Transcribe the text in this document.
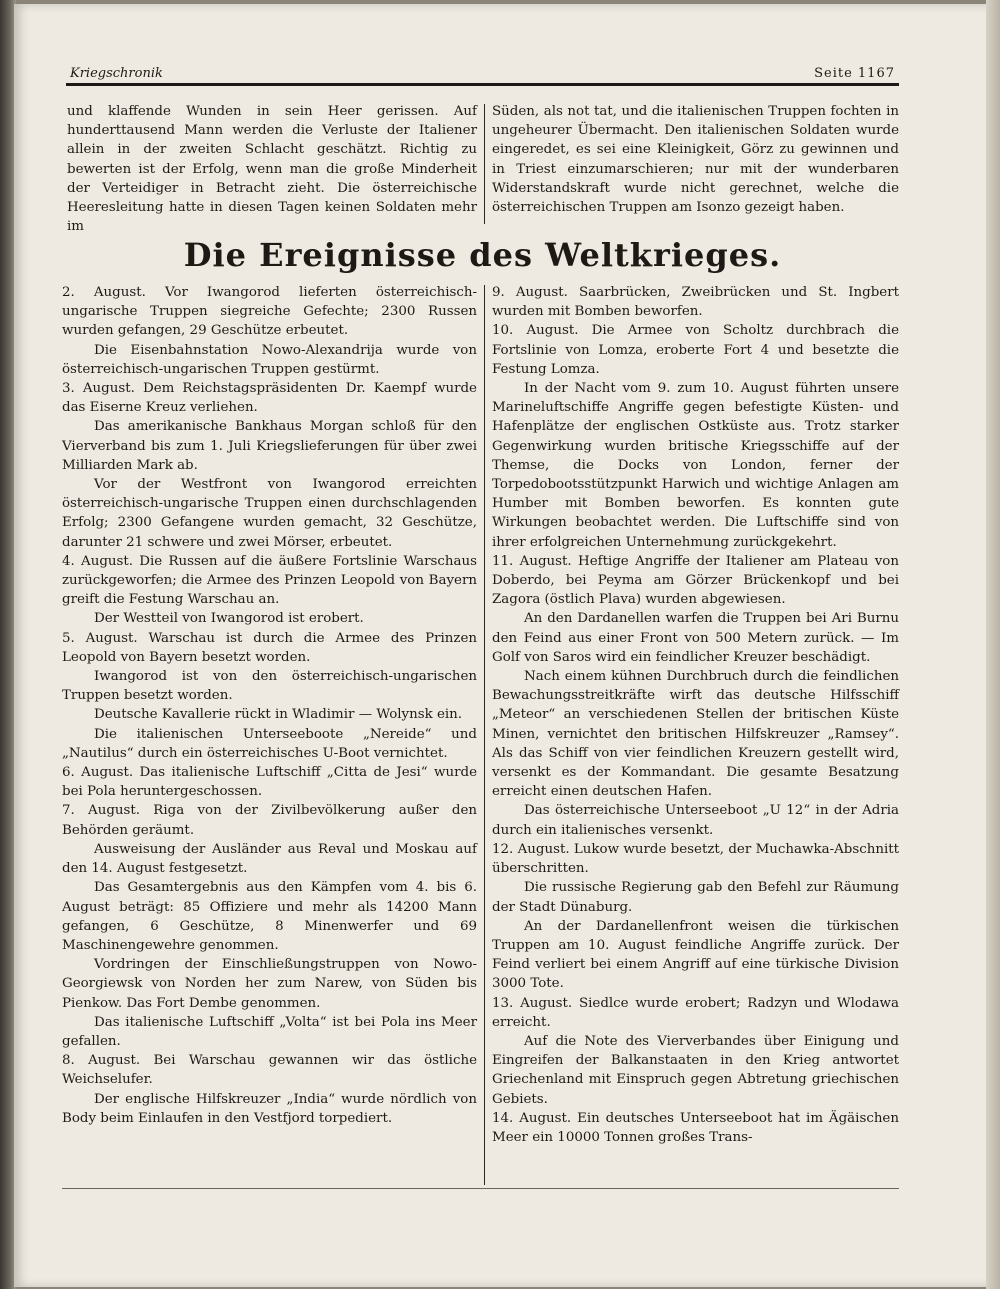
Kriegschronik	Seite 1167

und klaffende Wunden in sein Heer gerissen. Auf hunderttausend Mann werden die Verluste der Italiener allein in der zweiten Schlacht geschätzt. Richtig zu bewerten ist der Erfolg, wenn man die große Minderheit der Verteidiger in Betracht zieht. Die österreichische Heeresleitung hatte in diesen Tagen keinen Soldaten mehr im

Süden, als not tat, und die italienischen Truppen fochten in ungeheurer Übermacht. Den italienischen Soldaten wurde eingeredet, es sei eine Kleinigkeit, Görz zu gewinnen und in Triest einzumarschieren; nur mit der wunderbaren Widerstandskraft wurde nicht gerechnet, welche die österreichischen Truppen am Isonzo gezeigt haben.

Die Ereignisse des Weltkrieges.

2. August. Vor Iwangorod lieferten österreichisch-ungarische Truppen siegreiche Gefechte; 2300 Russen wurden gefangen, 29 Geschütze erbeutet.

Die Eisenbahnstation Nowo-Alexandrija wurde von österreichisch-ungarischen Truppen gestürmt.

3. August. Dem Reichstagspräsidenten Dr. Kaempf wurde das Eiserne Kreuz verliehen.

Das amerikanische Bankhaus Morgan schloß für den Vierverband bis zum 1. Juli Kriegslieferungen für über zwei Milliarden Mark ab.

Vor der Westfront von Iwangorod erreichten österreichisch-ungarische Truppen einen durchschlagenden Erfolg; 2300 Gefangene wurden gemacht, 32 Geschütze, darunter 21 schwere und zwei Mörser, erbeutet.

4. August. Die Russen auf die äußere Fortslinie Warschaus zurückgeworfen; die Armee des Prinzen Leopold von Bayern greift die Festung Warschau an.

Der Westteil von Iwangorod ist erobert.

5. August. Warschau ist durch die Armee des Prinzen Leopold von Bayern besetzt worden.

Iwangorod ist von den österreichisch-ungarischen Truppen besetzt worden.

Deutsche Kavallerie rückt in Wladimir — Wolynsk ein.

Die italienischen Unterseeboote „Nereide“ und „Nautilus“ durch ein österreichisches U-Boot vernichtet.

6. August. Das italienische Luftschiff „Citta de Jesi“ wurde bei Pola heruntergeschossen.

7. August. Riga von der Zivilbevölkerung außer den Behörden geräumt.

Ausweisung der Ausländer aus Reval und Moskau auf den 14. August festgesetzt.

Das Gesamtergebnis aus den Kämpfen vom 4. bis 6. August beträgt: 85 Offiziere und mehr als 14200 Mann gefangen, 6 Geschütze, 8 Minenwerfer und 69 Maschinengewehre genommen.

Vordringen der Einschließungstruppen von Nowo-Georgiewsk von Norden her zum Narew, von Süden bis Pienkow. Das Fort Dembe genommen.

Das italienische Luftschiff „Volta“ ist bei Pola ins Meer gefallen.

8. August. Bei Warschau gewannen wir das östliche Weichselufer.

Der englische Hilfskreuzer „India“ wurde nördlich von Body beim Einlaufen in den Vestfjord torpediert.

9. August. Saarbrücken, Zweibrücken und St. Ingbert wurden mit Bomben beworfen.

10. August. Die Armee von Scholtz durchbrach die Fortslinie von Lomza, eroberte Fort 4 und besetzte die Festung Lomza.

In der Nacht vom 9. zum 10. August führten unsere Marineluftschiffe Angriffe gegen befestigte Küsten- und Hafenplätze der englischen Ostküste aus. Trotz starker Gegenwirkung wurden britische Kriegsschiffe auf der Themse, die Docks von London, ferner der Torpedobootsstützpunkt Harwich und wichtige Anlagen am Humber mit Bomben beworfen. Es konnten gute Wirkungen beobachtet werden. Die Luftschiffe sind von ihrer erfolgreichen Unternehmung zurückgekehrt.

11. August. Heftige Angriffe der Italiener am Plateau von Doberdo, bei Peyma am Görzer Brückenkopf und bei Zagora (östlich Plava) wurden abgewiesen.

An den Dardanellen warfen die Truppen bei Ari Burnu den Feind aus einer Front von 500 Metern zurück. — Im Golf von Saros wird ein feindlicher Kreuzer beschädigt.

Nach einem kühnen Durchbruch durch die feindlichen Bewachungsstreitkräfte wirft das deutsche Hilfsschiff „Meteor“ an verschiedenen Stellen der britischen Küste Minen, vernichtet den britischen Hilfskreuzer „Ramsey“. Als das Schiff von vier feindlichen Kreuzern gestellt wird, versenkt es der Kommandant. Die gesamte Besatzung erreicht einen deutschen Hafen.

Das österreichische Unterseeboot „U 12“ in der Adria durch ein italienisches versenkt.

12. August. Lukow wurde besetzt, der Muchawka-Abschnitt überschritten.

Die russische Regierung gab den Befehl zur Räumung der Stadt Dünaburg.

An der Dardanellenfront weisen die türkischen Truppen am 10. August feindliche Angriffe zurück. Der Feind verliert bei einem Angriff auf eine türkische Division 3000 Tote.

13. August. Siedlce wurde erobert; Radzyn und Wlodawa erreicht.

Auf die Note des Vierverbandes über Einigung und Eingreifen der Balkanstaaten in den Krieg antwortet Griechenland mit Einspruch gegen Abtretung griechischen Gebiets.

14. August. Ein deutsches Unterseeboot hat im Ägäischen Meer ein 10000 Tonnen großes Trans-
